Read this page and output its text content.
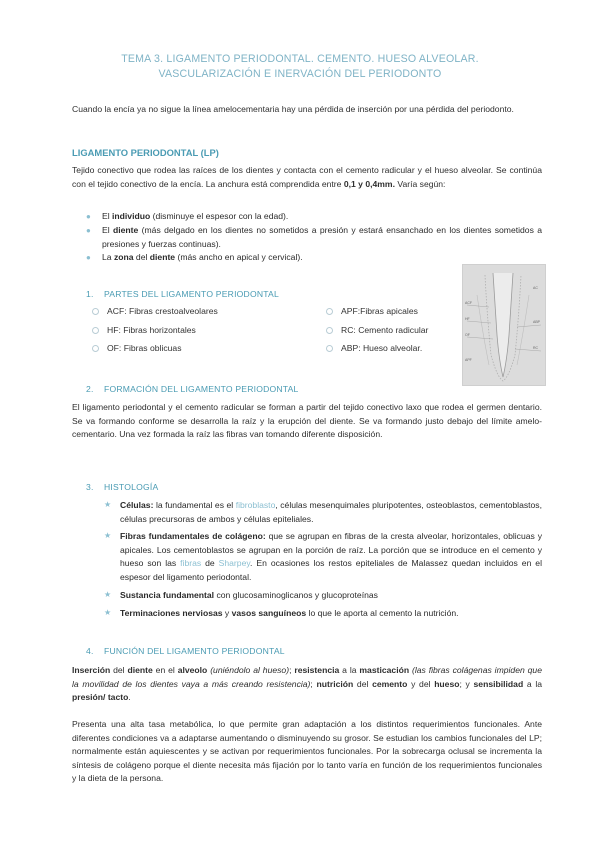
TEMA 3. LIGAMENTO PERIODONTAL. CEMENTO. HUESO ALVEOLAR.
VASCULARIZACIÓN E INERVACIÓN DEL PERIODONTO
Cuando la encía ya no sigue la línea amelocementaria hay una pérdida de inserción por una pérdida del periodonto.
LIGAMENTO PERIODONTAL (LP)
Tejido conectivo que rodea las raíces de los dientes y contacta con el cemento radicular y el hueso alveolar. Se continúa con el tejido conectivo de la encía. La anchura está comprendida entre 0,1 y 0,4mm. Varía según:
● El individuo (disminuye el espesor con la edad).
● El diente (más delgado en los dientes no sometidos a presión y estará ensanchado en los dientes sometidos a presiones y fuerzas continuas).
● La zona del diente (más ancho en apical y cervical).
1. PARTES DEL LIGAMENTO PERIODONTAL
ACF: Fibras crestoalveolares
HF: Fibras horizontales
OF: Fibras oblicuas
APF:Fibras apicales
RC: Cemento radicular
ABP: Hueso alveolar.
ACF
HF
OF
APF
ABP
RC
AC
2. FORMACIÓN DEL LIGAMENTO PERIODONTAL
El ligamento periodontal y el cemento radicular se forman a partir del tejido conectivo laxo que rodea el germen dentario. Se va formando conforme se desarrolla la raíz y la erupción del diente. Se va formando justo debajo del límite amelo-cementario. Una vez formada la raíz las fibras van tomando diferente disposición.
3. HISTOLOGÍA
★ Células: la fundamental es el fibroblasto, células mesenquimales pluripotentes, osteoblastos, cementoblastos, células precursoras de ambos y células epiteliales.
★ Fibras fundamentales de colágeno: que se agrupan en fibras de la cresta alveolar, horizontales, oblicuas y apicales. Los cementoblastos se agrupan en la porción de raíz. La porción que se introduce en el cemento y hueso son las fibras de Sharpey. En ocasiones los restos epiteliales de Malassez quedan incluidos en el espesor del ligamento periodontal.
★ Sustancia fundamental con glucosaminoglicanos y glucoproteínas
★ Terminaciones nerviosas y vasos sanguíneos lo que le aporta al cemento la nutrición.
4. FUNCIÓN DEL LIGAMENTO PERIODONTAL
Inserción del diente en el alveolo (uniéndolo al hueso); resistencia a la masticación (las fibras colágenas impiden que la movilidad de los dientes vaya a más creando resistencia); nutrición del cemento y del hueso; y sensibilidad a la presión/ tacto.
Presenta una alta tasa metabólica, lo que permite gran adaptación a los distintos requerimientos funcionales. Ante diferentes condiciones va a adaptarse aumentando o disminuyendo su grosor. Se estudian los cambios funcionales del LP; normalmente están aquiescentes y se activan por requerimientos funcionales. Por la sobrecarga oclusal se incrementa la síntesis de colágeno porque el diente necesita más fijación por lo tanto varía en función de los requerimientos funcionales y la dieta de la persona.
